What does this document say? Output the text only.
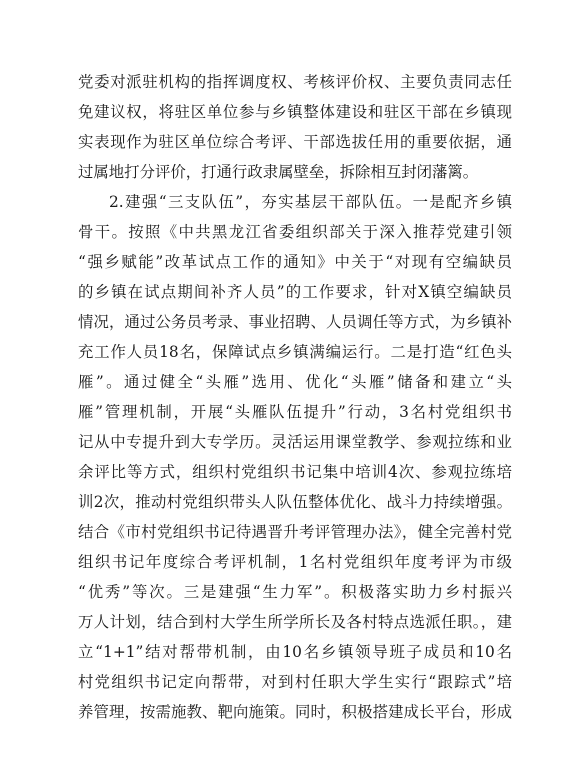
党委对派驻机构的指挥调度权、考核评价权、主要负责同志任
免建议权，将驻区单位参与乡镇整体建设和驻区干部在乡镇现
实表现作为驻区单位综合考评、干部选拔任用的重要依据，通
过属地打分评价，打通行政隶属壁垒，拆除相互封闭藩篱。
2.建强“三支队伍”，夯实基层干部队伍。一是配齐乡镇
骨干。按照《中共黑龙江省委组织部关于深入推荐党建引领
“强乡赋能”改革试点工作的通知》中关于“对现有空编缺员
的乡镇在试点期间补齐人员”的工作要求，针对X镇空编缺员
情况，通过公务员考录、事业招聘、人员调任等方式，为乡镇补
充工作人员18名，保障试点乡镇满编运行。二是打造“红色头
雁”。通过健全“头雁”选用、优化“头雁”储备和建立“头
雁”管理机制，开展“头雁队伍提升”行动，3名村党组织书
记从中专提升到大专学历。灵活运用课堂教学、参观拉练和业
余评比等方式，组织村党组织书记集中培训4次、参观拉练培
训2次，推动村党组织带头人队伍整体优化、战斗力持续增强。
结合《市村党组织书记待遇晋升考评管理办法》，健全完善村党
组织书记年度综合考评机制，1名村党组织年度考评为市级
“优秀”等次。三是建强“生力军”。积极落实助力乡村振兴
万人计划，结合到村大学生所学所长及各村特点选派任职。，建
立“1+1”结对帮带机制，由10名乡镇领导班子成员和10名
村党组织书记定向帮带，对到村任职大学生实行“跟踪式”培
养管理，按需施教、靶向施策。同时，积极搭建成长平台，形成
